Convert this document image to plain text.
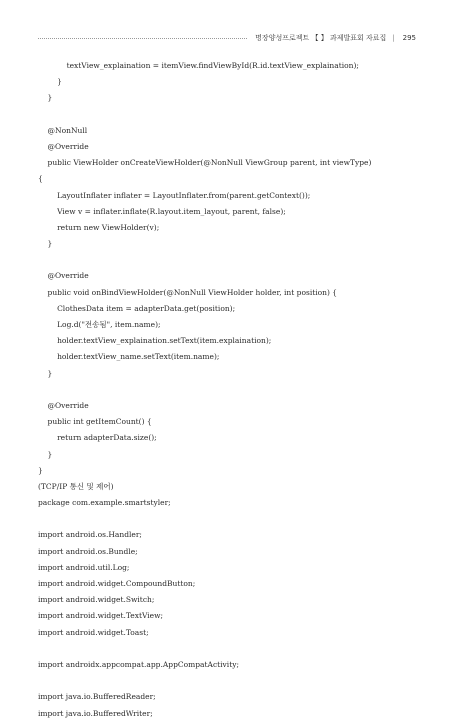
명장양성프로젝트 【 】 과제발표회 자료집 | 295
textView_explaination = itemView.findViewById(R.id.textView_explaination);
}
}
@NonNull
@Override
public ViewHolder onCreateViewHolder(@NonNull ViewGroup parent, int viewType)
{
LayoutInflater inflater = LayoutInflater.from(parent.getContext());
View v = inflater.inflate(R.layout.item_layout, parent, false);
return new ViewHolder(v);
}
@Override
public void onBindViewHolder(@NonNull ViewHolder holder, int position) {
ClothesData item = adapterData.get(position);
Log.d("전송됨", item.name);
holder.textView_explaination.setText(item.explaination);
holder.textView_name.setText(item.name);
}
@Override
public int getItemCount() {
return adapterData.size();
}
}
(TCP/IP 통신 및 제어)
package com.example.smartstyler;
import android.os.Handler;
import android.os.Bundle;
import android.util.Log;
import android.widget.CompoundButton;
import android.widget.Switch;
import android.widget.TextView;
import android.widget.Toast;
import androidx.appcompat.app.AppCompatActivity;
import java.io.BufferedReader;
import java.io.BufferedWriter;
